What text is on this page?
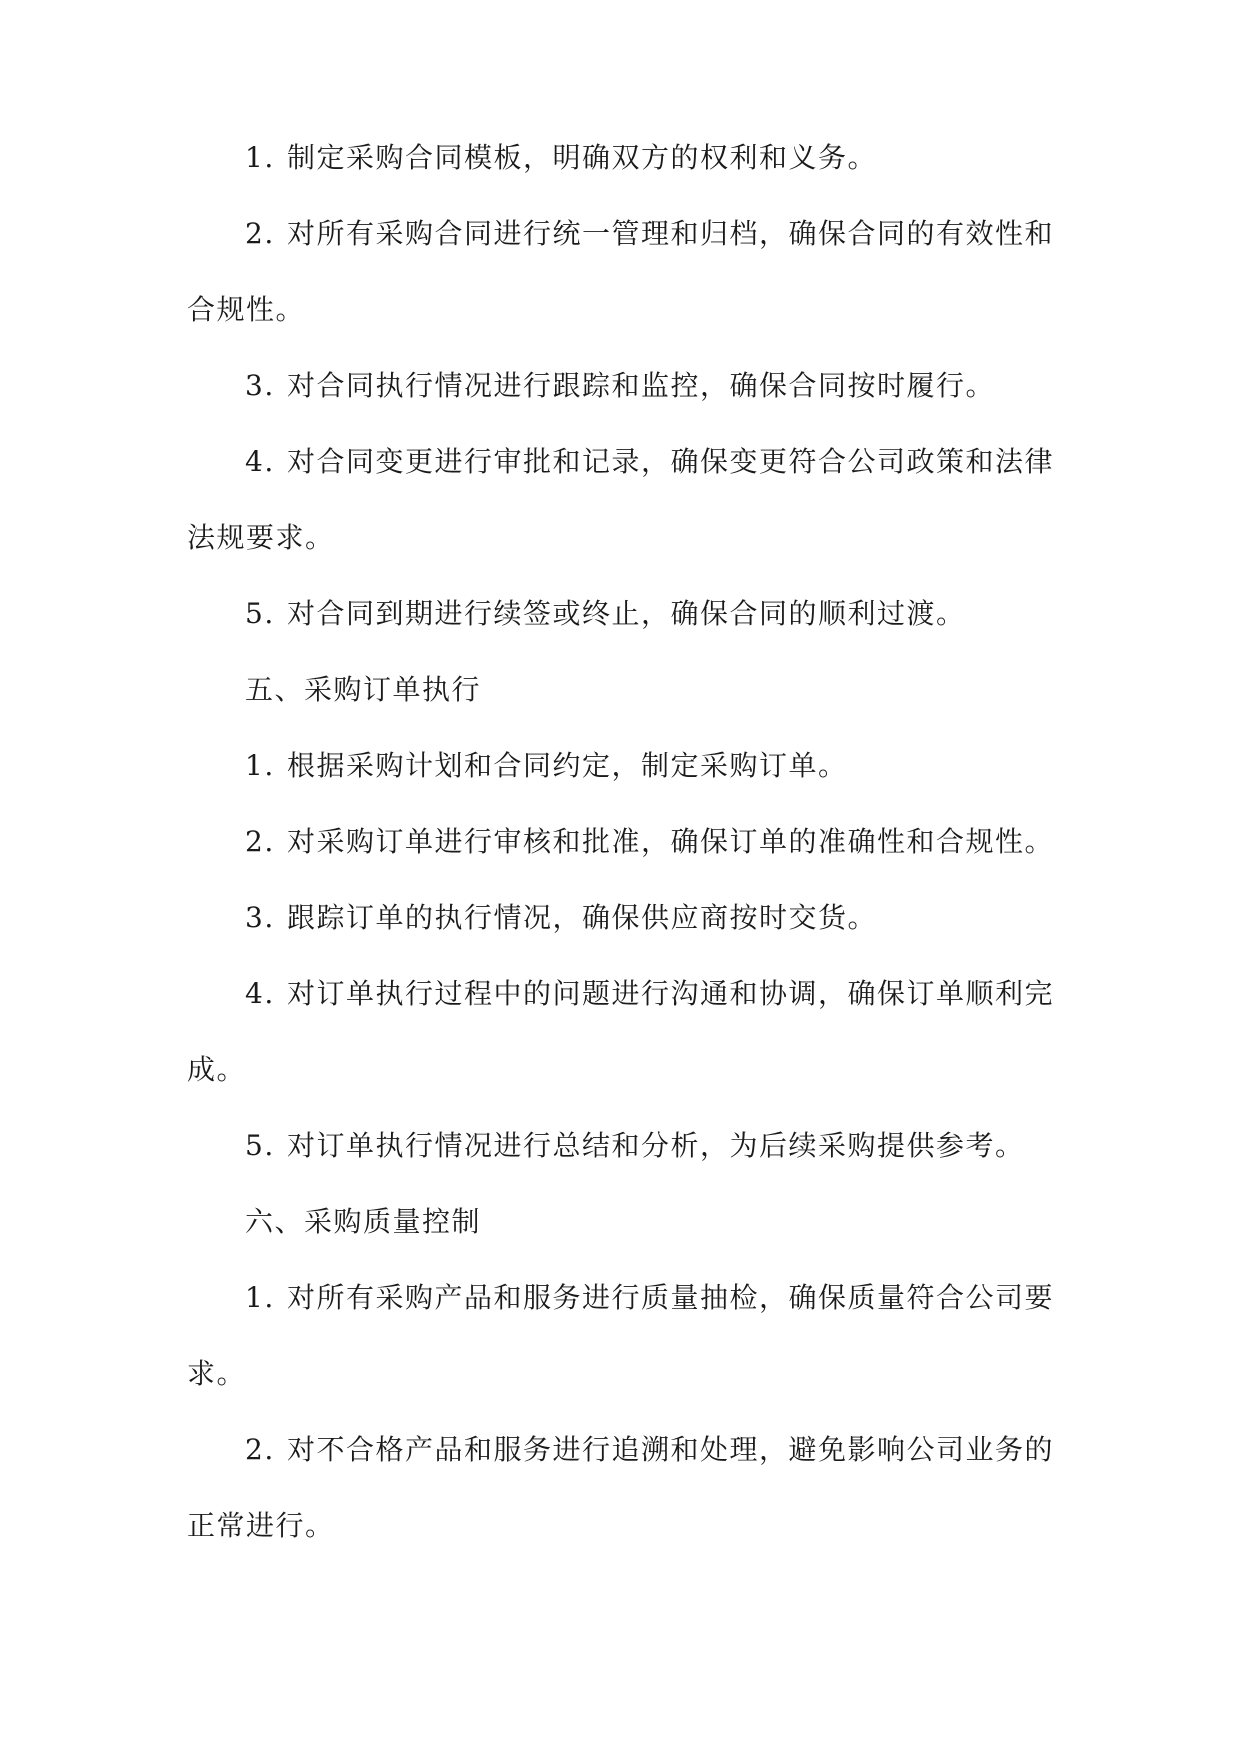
1. 制定采购合同模板，明确双方的权利和义务。

2. 对所有采购合同进行统一管理和归档，确保合同的有效性和合规性。

3. 对合同执行情况进行跟踪和监控，确保合同按时履行。

4. 对合同变更进行审批和记录，确保变更符合公司政策和法律法规要求。

5. 对合同到期进行续签或终止，确保合同的顺利过渡。

五、采购订单执行

1. 根据采购计划和合同约定，制定采购订单。

2. 对采购订单进行审核和批准，确保订单的准确性和合规性。

3. 跟踪订单的执行情况，确保供应商按时交货。

4. 对订单执行过程中的问题进行沟通和协调，确保订单顺利完成。

5. 对订单执行情况进行总结和分析，为后续采购提供参考。

六、采购质量控制

1. 对所有采购产品和服务进行质量抽检，确保质量符合公司要求。

2. 对不合格产品和服务进行追溯和处理，避免影响公司业务的正常进行。
